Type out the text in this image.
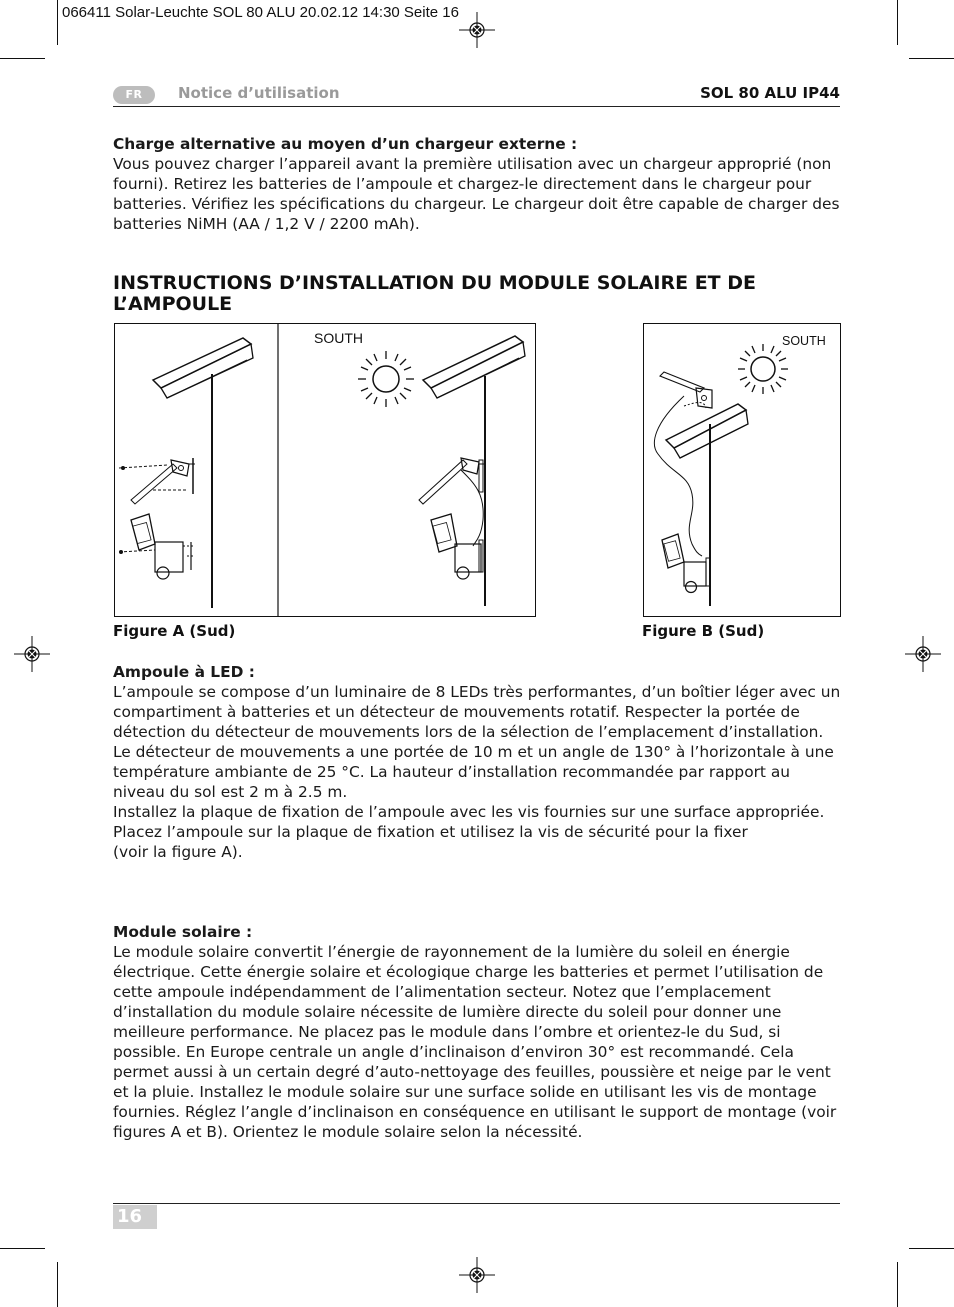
066411 Solar-Leuchte SOL 80 ALU 20.02.12 14:30 Seite 16
FR	Notice d’utilisation	SOL 80 ALU IP44

Charge alternative au moyen d’un chargeur externe :

Vous pouvez charger l’appareil avant la première utilisation avec un chargeur approprié (non fourni). Retirez les batteries de l’ampoule et chargez-le directement dans le chargeur pour batteries. Vérifiez les spécifications du chargeur. Le chargeur doit être capable de charger des batteries NiMH (AA / 1,2 V / 2200 mAh).

INSTRUCTIONS D’INSTALLATION DU MODULE SOLAIRE ET DE L’AMPOULE
SOUTH	SOUTH
Figure A (Sud)	Figure B (Sud)

Ampoule à LED :

L’ampoule se compose d’un luminaire de 8 LEDs très performantes, d’un boîtier léger avec un compartiment à batteries et un détecteur de mouvements rotatif. Respecter la portée de détection du détecteur de mouvements lors de la sélection de l’emplacement d’installation.

Le détecteur de mouvements a une portée de 10 m et un angle de 130° à l’horizontale à une température ambiante de 25 °C. La hauteur d’installation recommandée par rapport au niveau du sol est 2 m à 2.5 m.

Installez la plaque de fixation de l’ampoule avec les vis fournies sur une surface appropriée.

Placez l’ampoule sur la plaque de fixation et utilisez la vis de sécurité pour la fixer (voir la figure A).

Module solaire :

Le module solaire convertit l’énergie de rayonnement de la lumière du soleil en énergie électrique. Cette énergie solaire et écologique charge les batteries et permet l’utilisation de cette ampoule indépendamment de l’alimentation secteur. Notez que l’emplacement d’installation du module solaire nécessite de lumière directe du soleil pour donner une meilleure performance. Ne placez pas le module dans l’ombre et orientez-le du Sud, si possible. En Europe centrale un angle d’inclinaison d’environ 30° est recommandé. Cela permet aussi à un certain degré d’auto-nettoyage des feuilles, poussière et neige par le vent et la pluie. Installez le module solaire sur une surface solide en utilisant les vis de montage fournies. Réglez l’angle d’inclinaison en conséquence en utilisant le support de montage (voir figures A et B). Orientez le module solaire selon la nécessité.

16
